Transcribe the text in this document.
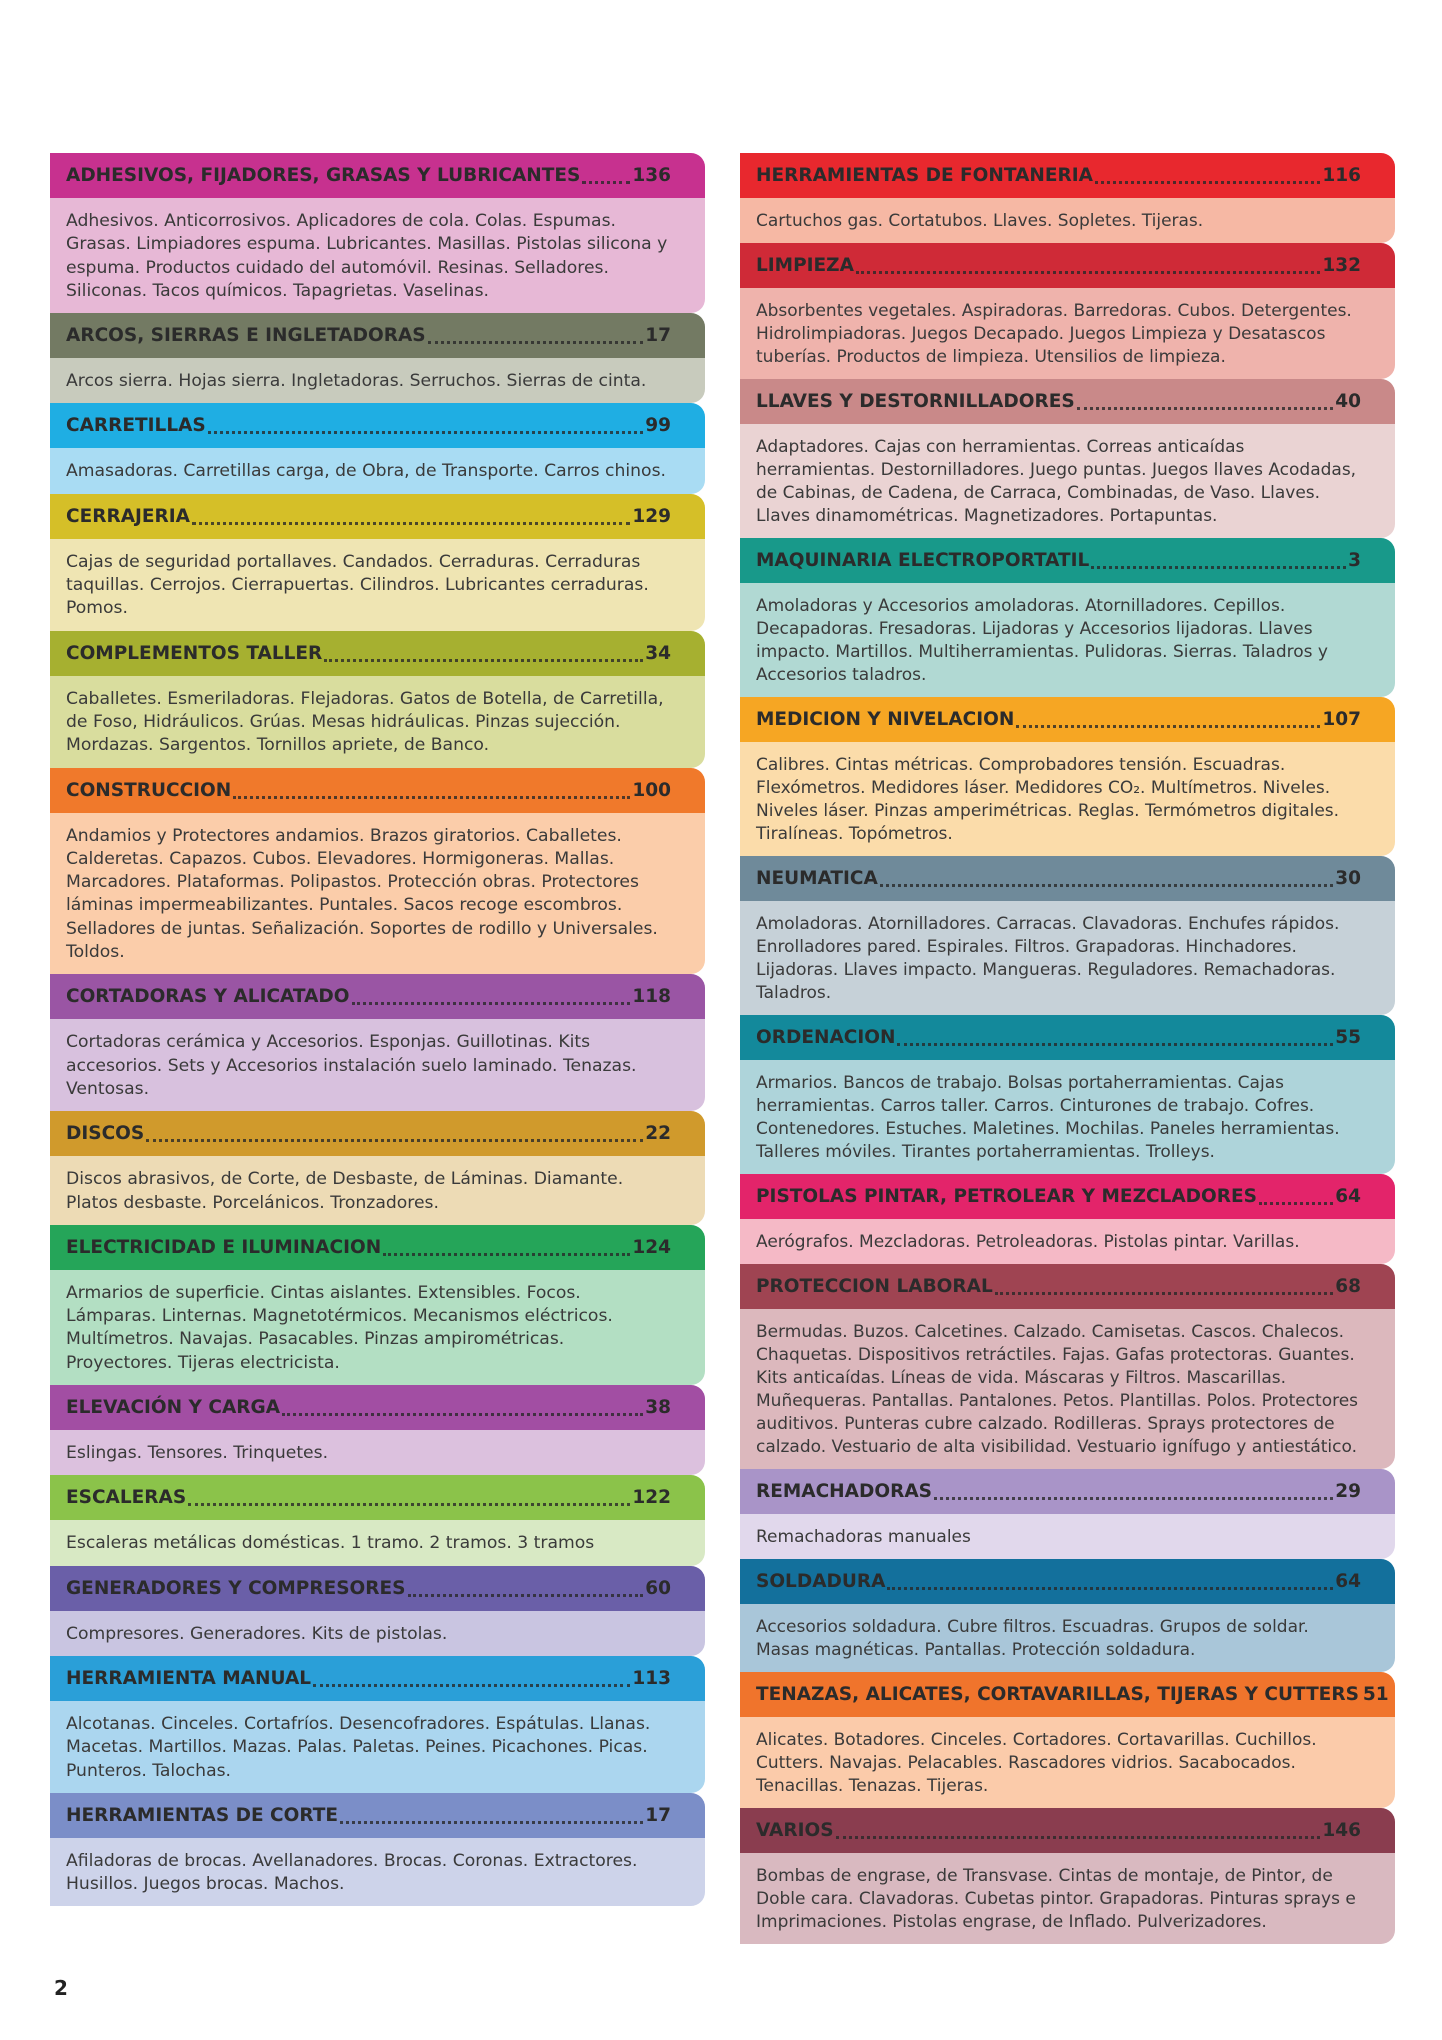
ADHESIVOS, FIJADORES, GRASAS Y LUBRICANTES	136
Adhesivos. Anticorrosivos. Aplicadores de cola. Colas. Espumas. Grasas. Limpiadores espuma. Lubricantes. Masillas. Pistolas silicona y espuma. Productos cuidado del automóvil. Resinas. Selladores. Siliconas. Tacos químicos. Tapagrietas. Vaselinas.
ARCOS, SIERRAS E INGLETADORAS	17
Arcos sierra. Hojas sierra. Ingletadoras. Serruchos. Sierras de cinta.
CARRETILLAS	99
Amasadoras. Carretillas carga, de Obra, de Transporte. Carros chinos.
CERRAJERIA	129
Cajas de seguridad portallaves. Candados. Cerraduras. Cerraduras taquillas. Cerrojos. Cierrapuertas. Cilindros. Lubricantes cerraduras. Pomos.
COMPLEMENTOS TALLER	34
Caballetes. Esmeriladoras. Flejadoras. Gatos de Botella, de Carretilla, de Foso, Hidráulicos. Grúas. Mesas hidráulicas. Pinzas sujección. Mordazas. Sargentos. Tornillos apriete, de Banco.
CONSTRUCCION	100
Andamios y Protectores andamios. Brazos giratorios. Caballetes. Calderetas. Capazos. Cubos. Elevadores. Hormigoneras. Mallas. Marcadores. Plataformas. Polipastos. Protección obras. Protectores láminas impermeabilizantes. Puntales. Sacos recoge escombros. Selladores de juntas. Señalización. Soportes de rodillo y Universales. Toldos.
CORTADORAS Y ALICATADO	118
Cortadoras cerámica y Accesorios. Esponjas. Guillotinas. Kits accesorios. Sets y Accesorios instalación suelo laminado. Tenazas. Ventosas.
DISCOS	22
Discos abrasivos, de Corte, de Desbaste, de Láminas. Diamante. Platos desbaste. Porcelánicos. Tronzadores.
ELECTRICIDAD E ILUMINACION	124
Armarios de superficie. Cintas aislantes. Extensibles. Focos. Lámparas. Linternas. Magnetotérmicos. Mecanismos eléctricos. Multímetros. Navajas. Pasacables. Pinzas ampirométricas. Proyectores. Tijeras electricista.
ELEVACIÓN Y CARGA	38
Eslingas. Tensores. Trinquetes.
ESCALERAS	122
Escaleras metálicas domésticas. 1 tramo. 2 tramos. 3 tramos
GENERADORES Y COMPRESORES	60
Compresores. Generadores. Kits de pistolas.
HERRAMIENTA MANUAL	113
Alcotanas. Cinceles. Cortafríos. Desencofradores. Espátulas. Llanas. Macetas. Martillos. Mazas. Palas. Paletas. Peines. Picachones. Picas. Punteros. Talochas.
HERRAMIENTAS DE CORTE	17
Afiladoras de brocas. Avellanadores. Brocas. Coronas. Extractores. Husillos. Juegos brocas. Machos.
HERRAMIENTAS DE FONTANERIA	116
Cartuchos gas. Cortatubos. Llaves. Sopletes. Tijeras.
LIMPIEZA	132
Absorbentes vegetales. Aspiradoras. Barredoras. Cubos. Detergentes. Hidrolimpiadoras. Juegos Decapado. Juegos Limpieza y Desatascos tuberías. Productos de limpieza. Utensilios de limpieza.
LLAVES Y DESTORNILLADORES	40
Adaptadores. Cajas con herramientas. Correas anticaídas herramientas. Destornilladores. Juego puntas. Juegos llaves Acodadas, de Cabinas, de Cadena, de Carraca, Combinadas, de Vaso. Llaves. Llaves dinamométricas. Magnetizadores. Portapuntas.
MAQUINARIA ELECTROPORTATIL	3
Amoladoras y Accesorios amoladoras. Atornilladores. Cepillos. Decapadoras. Fresadoras. Lijadoras y Accesorios lijadoras. Llaves impacto. Martillos. Multiherramientas. Pulidoras. Sierras. Taladros y Accesorios taladros.
MEDICION Y NIVELACION	107
Calibres. Cintas métricas. Comprobadores tensión. Escuadras. Flexómetros. Medidores láser. Medidores CO₂. Multímetros. Niveles. Niveles láser. Pinzas amperimétricas. Reglas. Termómetros digitales. Tiralíneas. Topómetros.
NEUMATICA	30
Amoladoras. Atornilladores. Carracas. Clavadoras. Enchufes rápidos. Enrolladores pared. Espirales. Filtros. Grapadoras. Hinchadores. Lijadoras. Llaves impacto. Mangueras. Reguladores. Remachadoras. Taladros.
ORDENACION	55
Armarios. Bancos de trabajo. Bolsas portaherramientas. Cajas herramientas. Carros taller. Carros. Cinturones de trabajo. Cofres. Contenedores. Estuches. Maletines. Mochilas. Paneles herramientas. Talleres móviles. Tirantes portaherramientas. Trolleys.
PISTOLAS PINTAR, PETROLEAR Y MEZCLADORES	64
Aerógrafos. Mezcladoras. Petroleadoras. Pistolas pintar. Varillas.
PROTECCION LABORAL	68
Bermudas. Buzos. Calcetines. Calzado. Camisetas. Cascos. Chalecos. Chaquetas. Dispositivos retráctiles. Fajas. Gafas protectoras. Guantes. Kits anticaídas. Líneas de vida. Máscaras y Filtros. Mascarillas. Muñequeras. Pantallas. Pantalones. Petos. Plantillas. Polos. Protectores auditivos. Punteras cubre calzado. Rodilleras. Sprays protectores de calzado. Vestuario de alta visibilidad. Vestuario ignífugo y antiestático.
REMACHADORAS	29
Remachadoras manuales
SOLDADURA	64
Accesorios soldadura. Cubre filtros. Escuadras. Grupos de soldar. Masas magnéticas. Pantallas. Protección soldadura.
TENAZAS, ALICATES, CORTAVARILLAS, TIJERAS Y CUTTERS 51
Alicates. Botadores. Cinceles. Cortadores. Cortavarillas. Cuchillos. Cutters. Navajas. Pelacables. Rascadores vidrios. Sacabocados. Tenacillas. Tenazas. Tijeras.
VARIOS	146
Bombas de engrase, de Transvase. Cintas de montaje, de Pintor, de Doble cara. Clavadoras. Cubetas pintor. Grapadoras. Pinturas sprays e Imprimaciones. Pistolas engrase, de Inflado. Pulverizadores.
2
